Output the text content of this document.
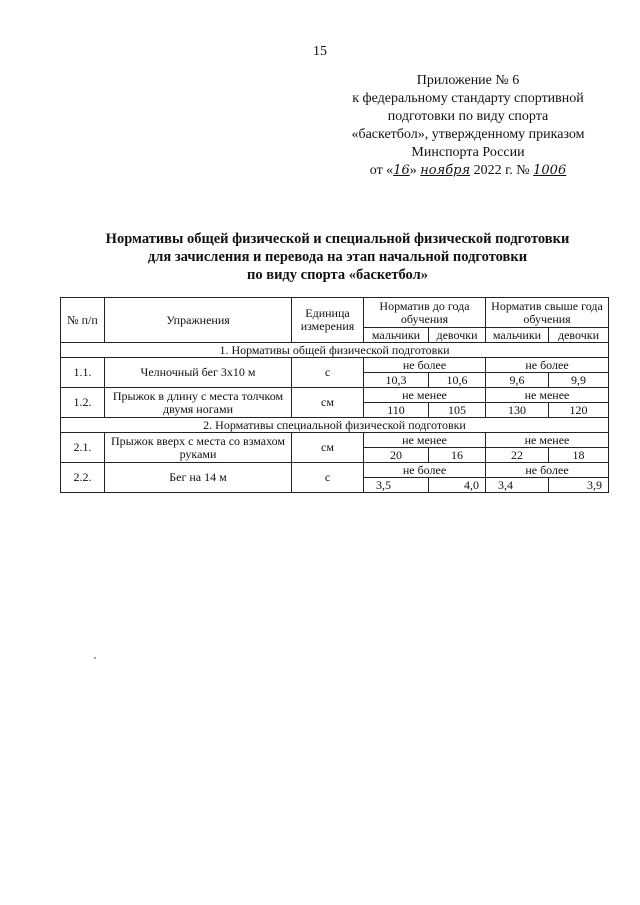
15
Приложение № 6
к федеральному стандарту спортивной
подготовки по виду спорта
«баскетбол», утвержденному приказом
Минспорта России
от «16» ноября 2022 г. № 1006
Нормативы общей физической и специальной физической подготовки
для зачисления и перевода на этап начальной подготовки
по виду спорта «баскетбол»
№ п/п	Упражнения	Единица измерения	Норматив до года обучения		Норматив свыше года обучения	
			мальчики	девочки	мальчики	девочки
1. Нормативы общей физической подготовки						
1.1.	Челночный бег 3х10 м	с	не более		не более	
			10,3	10,6	9,6	9,9
1.2.	Прыжок в длину с места толчком двумя ногами	см	не менее		не менее	
			110	105	130	120
2. Нормативы специальной физической подготовки						
2.1.	Прыжок вверх с места со взмахом руками	см	не менее		не менее	
			20	16	22	18
2.2.	Бег на 14 м	с	не более		не более	
			3,5	4,0	3,4	3,9
